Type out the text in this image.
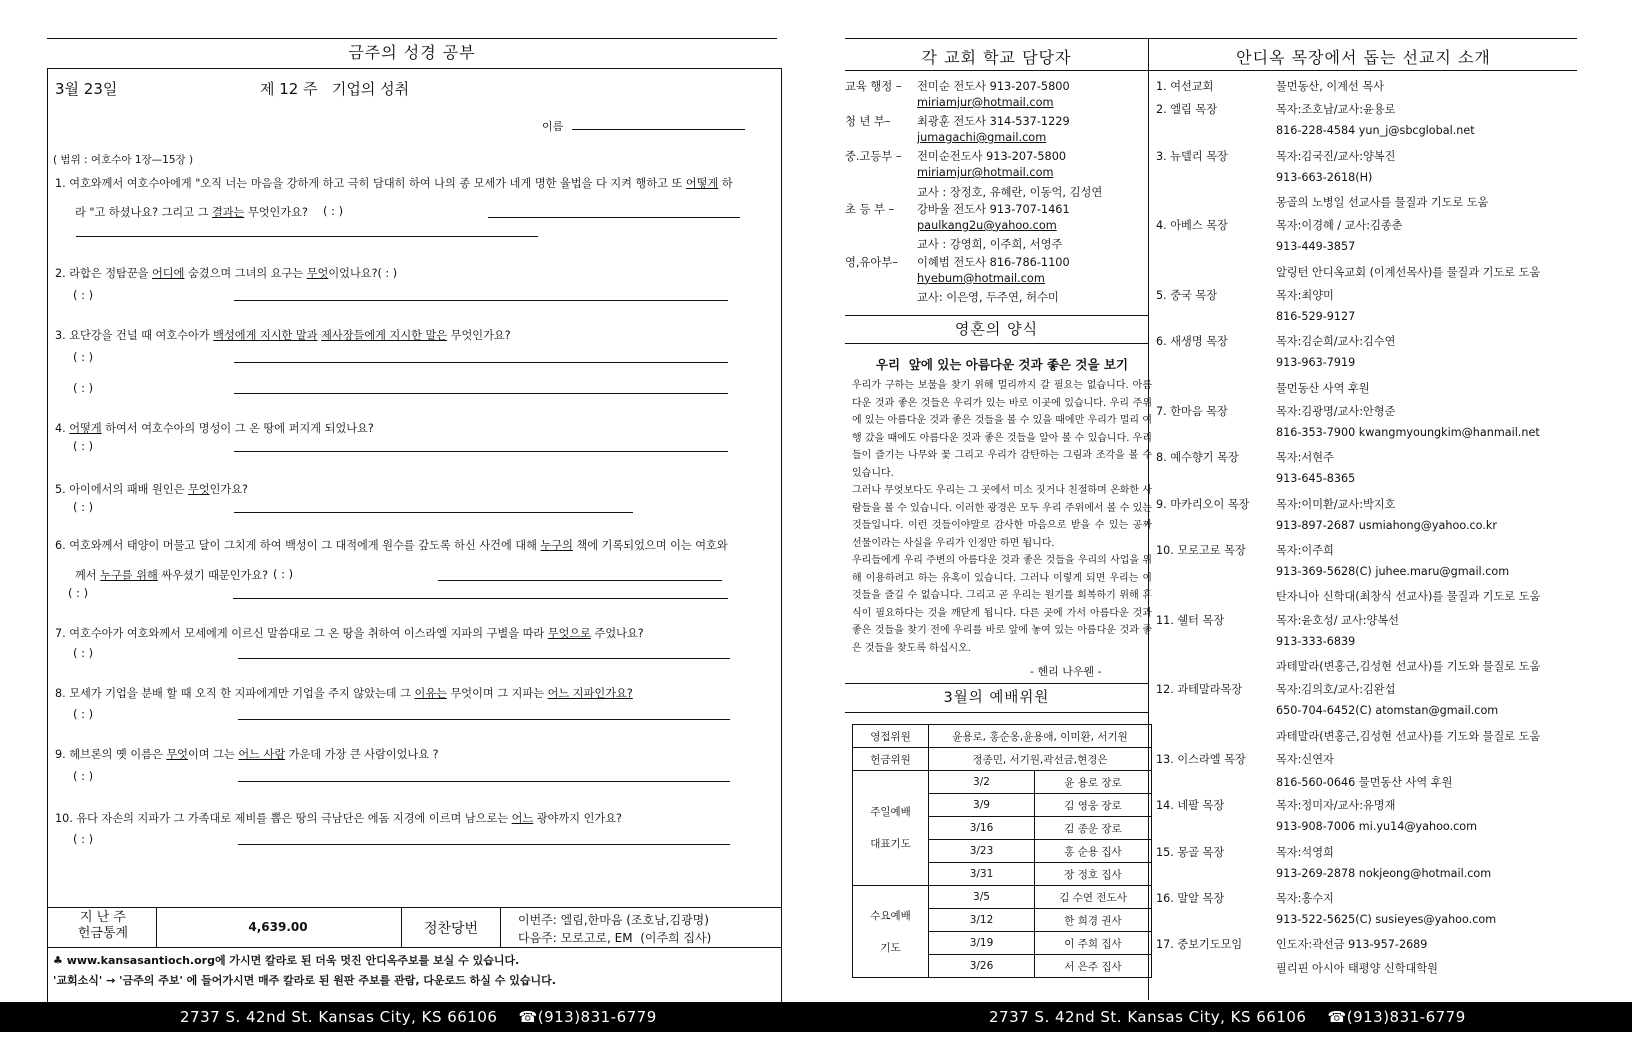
금주의 성경 공부
3월 23일	제 12 주   기업의 성취
이름
( 범위 : 여호수아 1장—15장 )
1. 여호와께서 여호수아에게 "오직 너는 마음을 강하게 하고 극히 담대히 하여 나의 종 모세가 네게 명한 율법을 다 지켜 행하고 또 어떻게 하
라 "고 하셨나요? 그리고 그 결과는 무엇인가요? ( : )
2. 라합은 정탐꾼을 어디에 숨겼으며 그녀의 요구는 무엇이었나요?( : )
( : )
3. 요단강을 건널 때 여호수아가 백성에게 지시한 말과 제사장들에게 지시한 말은 무엇인가요?
( : )
( : )
4. 어떻게 하여서 여호수아의 명성이 그 온 땅에 퍼지게 되었나요?
( : )
5. 아이에서의 패배 원인은 무엇인가요?
( : )
6. 여호와께서 태양이 머물고 달이 그치게 하여 백성이 그 대적에게 원수를 갚도록 하신 사건에 대해 누구의 책에 기록되었으며 이는 여호와
께서 누구를 위해 싸우셨기 때문인가요? ( : )
( : )
7. 여호수아가 여호와께서 모세에게 이르신 말씀대로 그 온 땅을 취하여 이스라엘 지파의 구별을 따라 무엇으로 주었나요?
( : )
8. 모세가 기업을 분배 할 때 오직 한 지파에게만 기업을 주지 않았는데 그 이유는 무엇이며 그 지파는 어느 지파인가요?
( : )
9. 헤브론의 옛 이름은 무엇이며 그는 어느 사람 가운데 가장 큰 사람이었나요 ?
( : )
10. 유다 자손의 지파가 그 가족대로 제비를 뽑은 땅의 극남단은 에돔 지경에 이르며 남으로는 어느 광야까지 인가요?
( : )
지 난 주
헌금통계	4,639.00	정찬당번
이번주: 엘림,한마음 (조호남,김광명)
다음주: 모로고로, EM  (이주희 집사)
♣ www.kansasantioch.org에 가시면 칼라로 된 더욱 멋진 안디옥주보를 보실 수 있습니다.
'교회소식' → '금주의 주보' 에 들어가시면 매주 칼라로 된 원판 주보를 관람, 다운로드 하실 수 있습니다.
2737 S. 42nd St. Kansas City, KS 66106    ☎(913)831-6779	2737 S. 42nd St. Kansas City, KS 66106    ☎(913)831-6779
각 교회 학교 담당자	안디옥 목장에서 돕는 선교지 소개
교육 행정 – 전미순 전도사 913-207-5800
miriamjur@hotmail.com
청 년 부– 최광훈 전도사 314-537-1229
jumagachi@gmail.com
중.고등부 – 전미순전도사 913-207-5800
miriamjur@hotmail.com
교사 : 장정호, 유혜란, 이동억, 김성연
초 등 부 – 강바울 전도사 913-707-1461
paulkang2u@yahoo.com
교사 : 강영희, 이주희, 서영주
영,유아부– 이혜범 전도사 816-786-1100
hyebum@hotmail.com
교사: 이은영, 두주연, 허수미
영혼의 양식
우리  앞에 있는 아름다운 것과 좋은 것을 보기
우리가 구하는 보물을 찾기 위해 멀리까지 갈 필요는 없습니다. 아름다운 것과 좋은 것들은 우리가 있는 바로 이곳에 있습니다. 우리 주위에 있는 아름다운 것과 좋은 것들을 볼 수 있을 때에만 우리가 멀리 여행 갔을 때에도 아름다운 것과 좋은 것들을 알아 볼 수 있습니다. 우리들이 즐기는 나무와 꽃 그리고 우리가 감탄하는 그림과 조각을 볼 수 있습니다.
그러나 무엇보다도 우리는 그 곳에서 미소 짓거나 친절하며 온화한 사람들을 볼 수 있습니다. 이러한 광경은 모두 우리 주위에서 볼 수 있는 것들입니다. 이런 것들이야말로 감사한 마음으로 받을 수 있는 공짜 선물이라는 사실을 우리가 인정만 하면 됩니다.
우리들에게 우리 주변의 아름다운 것과 좋은 것들을 우리의 사업을 위해 이용하려고 하는 유혹이 있습니다. 그러나 이렇게 되면 우리는 이것들을 즐길 수 없습니다. 그리고 곧 우리는 원기를 회복하기 위해 휴식이 필요하다는 것을 깨닫게 됩니다. 다른 곳에 가서 아름다운 것과 좋은 것들을 찾기 전에 우리를 바로 앞에 놓여 있는 아름다운 것과 좋은 것들을 찾도록 하십시오.
- 헨리 나우웬 -
3월의 예배위원
영접위원	윤용로, 홍순옹,윤용애, 이미환, 서기원	
헌금위원	정종민, 서기원,곽선금,현경은	

주일예배
대표기도	3/2	윤 용로 장로
	3/9	김 영웅 장로
	3/16	김 종운 장로
	3/23	홍 순용 집사
	3/31	장 정호 집사

수요예배
기도	3/5	김 수연 전도사
	3/12	한 희경 권사
	3/19	이 주희 집사
	3/26	서 은주 집사
1. 여선교회	물먼동산, 이계선 목사
2. 엘림 목장	목자:조호남/교사:윤용로
816-228-4584 yun_j@sbcglobal.net
3. 뉴델리 목장	목자:김국진/교사:양복진
913-663-2618(H)
몽골의 노병일 선교사를 물질과 기도로 도움
4. 아베스 목장	목자:이경혜 / 교사:김종춘
913-449-3857
알링턴 안디옥교회 (이계선목사)를 물질과 기도로 도움
5. 중국 목장	목자:최양미
816-529-9127
6. 새생명 목장	목자:김순희/교사:김수연
913-963-7919
물먼동산 사역 후원
7. 한마음 목장	목자:김광명/교사:안형준
816-353-7900 kwangmyoungkim@hanmail.net
8. 예수향기 목장	목자:서현주
913-645-8365
9. 마카리오이 목장 목자:이미환/교사:박지호
913-897-2687 usmiahong@yahoo.co.kr
10. 모로고로 목장	목자:이주희
913-369-5628(C) juhee.maru@gmail.com
탄자니아 신학대(최창식 선교사)를 물질과 기도로 도움
11. 쉘터 목장	목자:윤호성/ 교사:양복선
913-333-6839
과테말라(변홍근,김성현 선교사)를 기도와 물질로 도움
12. 과테말라목장	목자:김의호/교사:김완섭
650-704-6452(C) atomstan@gmail.com
과테말라(변홍근,김성현 선교사)를 기도와 물질로 도움
13. 이스라엘 목장	목자:신연자
816-560-0646 물먼동산 사역 후원
14. 네팔 목장	목자:정미자/교사:유명재
913-908-7006 mi.yu14@yahoo.com
15. 몽골 목장	목자:석영희
913-269-2878 nokjeong@hotmail.com
16. 말알 목장	목자:홍수지
913-522-5625(C) susieyes@yahoo.com
17. 중보기도모임	인도자:곽선금 913-957-2689
필리핀 아시아 태평양 신학대학원
